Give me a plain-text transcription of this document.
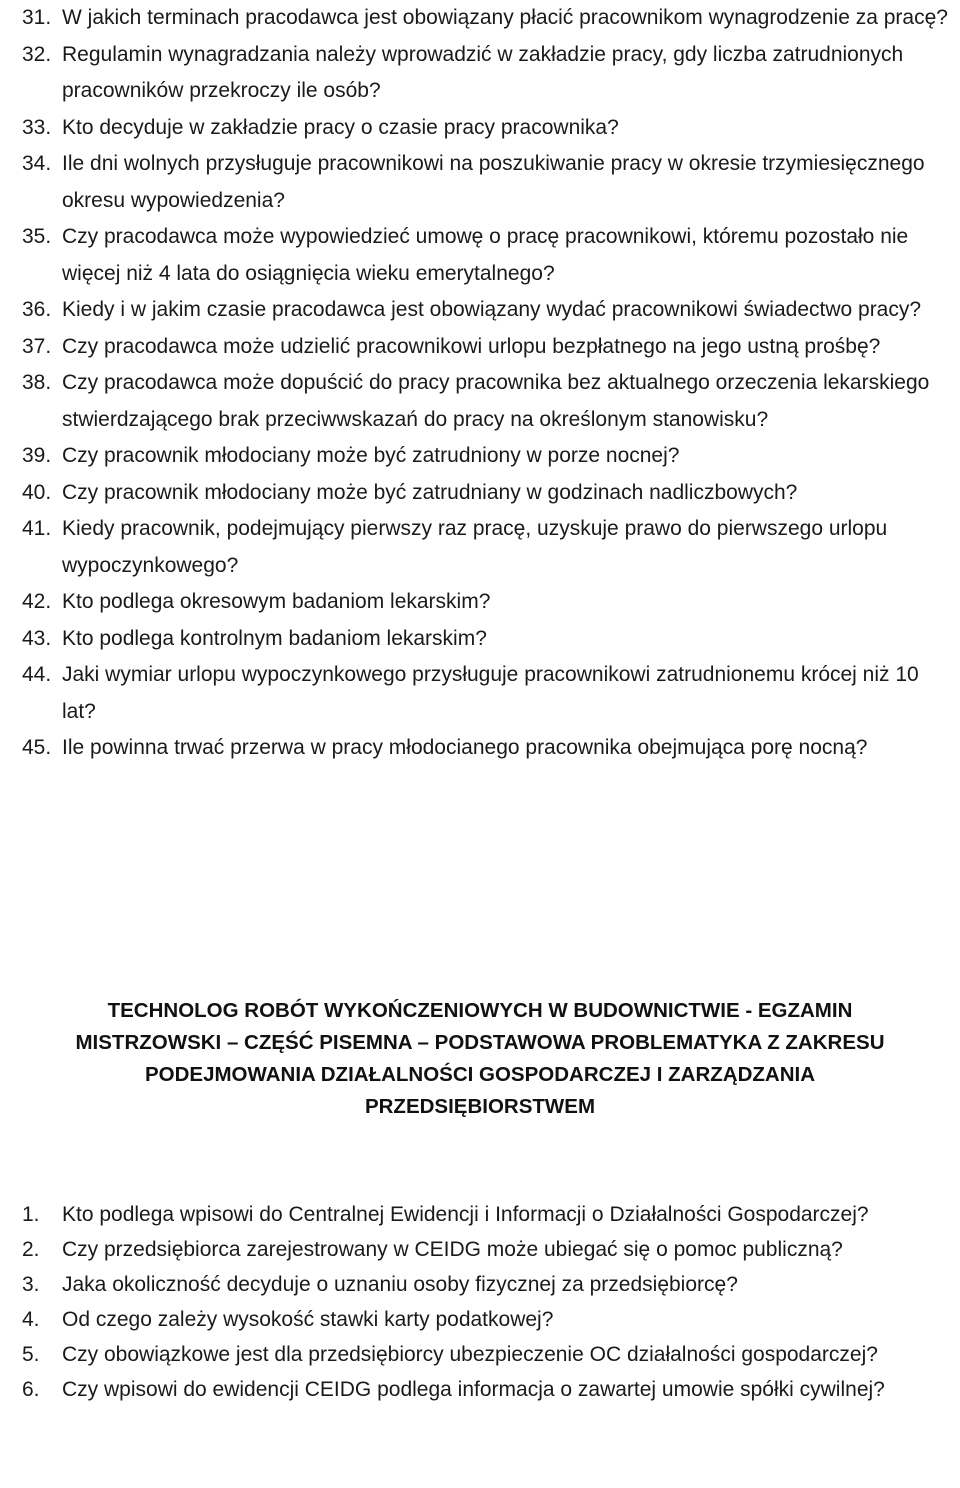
31. W jakich terminach pracodawca jest obowiązany płacić pracownikom wynagrodzenie za pracę?
32. Regulamin wynagradzania należy wprowadzić w zakładzie pracy, gdy liczba zatrudnionych pracowników przekroczy ile osób?
33. Kto decyduje w zakładzie pracy o czasie pracy pracownika?
34. Ile dni wolnych przysługuje pracownikowi na poszukiwanie pracy w okresie trzymiesięcznego okresu wypowiedzenia?
35. Czy pracodawca może wypowiedzieć umowę o pracę pracownikowi, któremu pozostało nie więcej niż 4 lata do osiągnięcia wieku emerytalnego?
36. Kiedy i w jakim czasie pracodawca jest obowiązany wydać pracownikowi świadectwo pracy?
37. Czy pracodawca może udzielić pracownikowi urlopu bezpłatnego na jego ustną prośbę?
38. Czy pracodawca może dopuścić do pracy pracownika bez aktualnego orzeczenia lekarskiego stwierdzającego brak przeciwwskazań do pracy na określonym stanowisku?
39. Czy pracownik młodociany może być zatrudniony w porze nocnej?
40. Czy pracownik młodociany może być zatrudniany w godzinach nadliczbowych?
41. Kiedy pracownik, podejmujący pierwszy raz pracę, uzyskuje prawo do pierwszego urlopu wypoczynkowego?
42. Kto podlega okresowym badaniom lekarskim?
43. Kto podlega kontrolnym badaniom lekarskim?
44. Jaki wymiar urlopu wypoczynkowego przysługuje pracownikowi zatrudnionemu krócej niż 10 lat?
45. Ile powinna trwać przerwa w pracy młodocianego pracownika obejmująca porę nocną?
TECHNOLOG ROBÓT WYKOŃCZENIOWYCH W BUDOWNICTWIE - EGZAMIN
MISTRZOWSKI – CZĘŚĆ PISEMNA – PODSTAWOWA PROBLEMATYKA Z ZAKRESU
PODEJMOWANIA DZIAŁALNOŚCI GOSPODARCZEJ I ZARZĄDZANIA
PRZEDSIĘBIORSTWEM
1.	Kto podlega wpisowi do Centralnej Ewidencji i Informacji o Działalności Gospodarczej?
2.	Czy przedsiębiorca zarejestrowany w CEIDG może ubiegać się o pomoc publiczną?
3.	Jaka okoliczność decyduje o uznaniu osoby fizycznej za przedsiębiorcę?
4.	Od czego zależy wysokość stawki karty podatkowej?
5.	Czy obowiązkowe jest dla przedsiębiorcy ubezpieczenie OC działalności gospodarczej?
6.	Czy wpisowi do ewidencji CEIDG podlega informacja o zawartej umowie spółki cywilnej?
